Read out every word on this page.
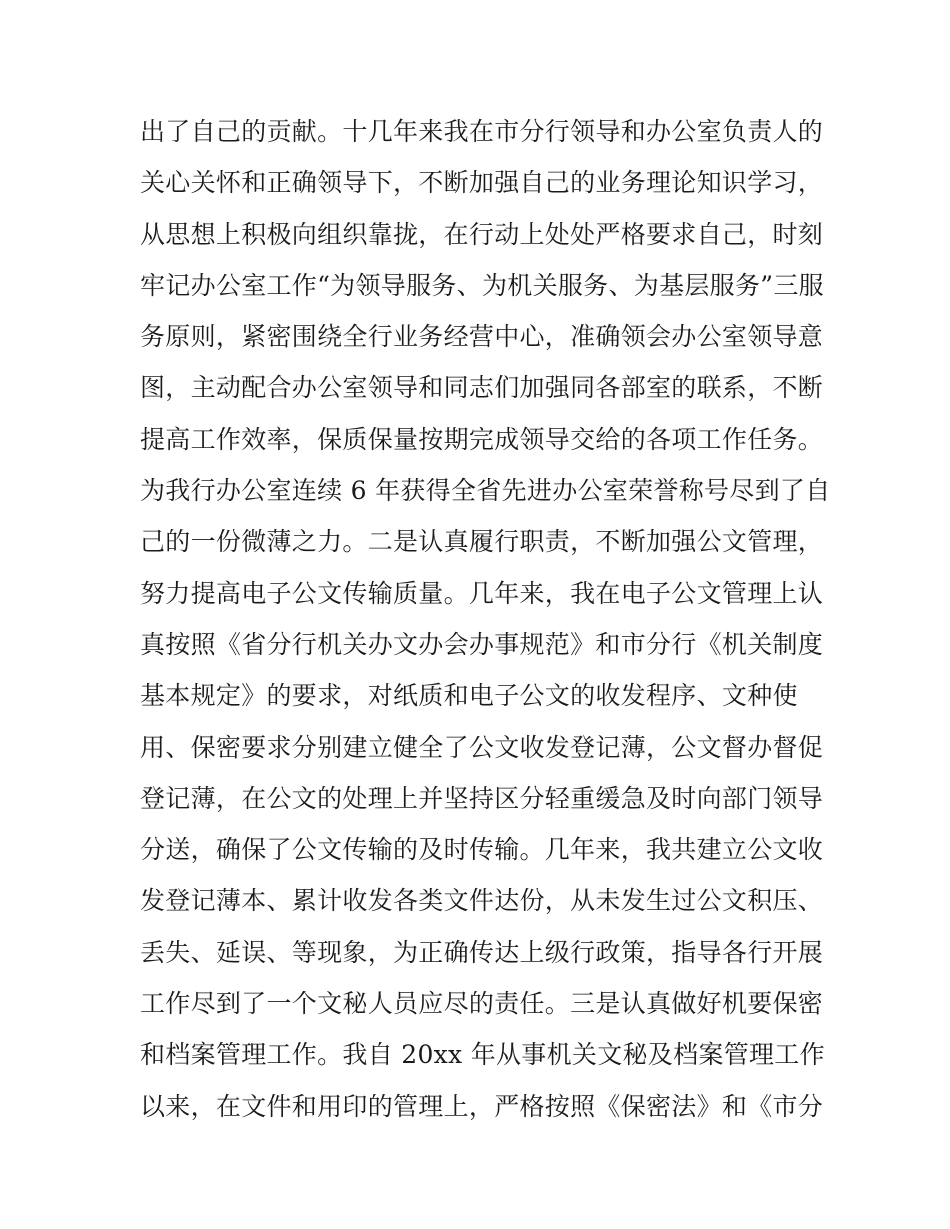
出了自己的贡献。十几年来我在市分行领导和办公室负责人的
关心关怀和正确领导下，不断加强自己的业务理论知识学习，
从思想上积极向组织靠拢，在行动上处处严格要求自己，时刻
牢记办公室工作“为领导服务、为机关服务、为基层服务”三服
务原则，紧密围绕全行业务经营中心，准确领会办公室领导意
图，主动配合办公室领导和同志们加强同各部室的联系，不断
提高工作效率，保质保量按期完成领导交给的各项工作任务。
为我行办公室连续 6 年获得全省先进办公室荣誉称号尽到了自
己的一份微薄之力。二是认真履行职责，不断加强公文管理，
努力提高电子公文传输质量。几年来，我在电子公文管理上认
真按照《省分行机关办文办会办事规范》和市分行《机关制度
基本规定》的要求，对纸质和电子公文的收发程序、文种使
用、保密要求分别建立健全了公文收发登记薄，公文督办督促
登记薄，在公文的处理上并坚持区分轻重缓急及时向部门领导
分送，确保了公文传输的及时传输。几年来，我共建立公文收
发登记薄本、累计收发各类文件达份，从未发生过公文积压、
丢失、延误、等现象，为正确传达上级行政策，指导各行开展
工作尽到了一个文秘人员应尽的责任。三是认真做好机要保密
和档案管理工作。我自 20xx 年从事机关文秘及档案管理工作
以来，在文件和用印的管理上，严格按照《保密法》和《市分
